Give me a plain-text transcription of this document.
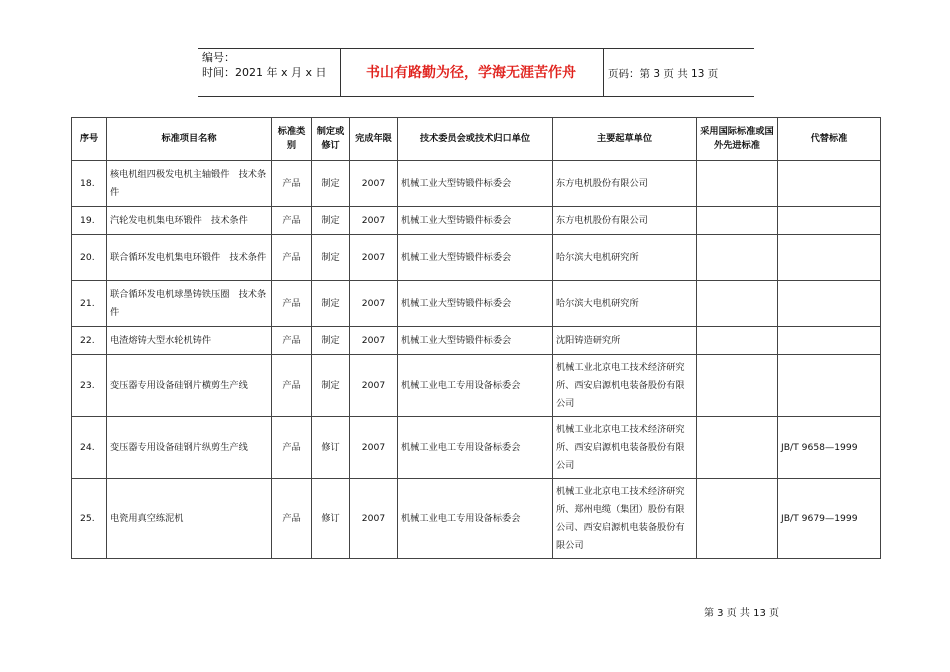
编号：
时间：2021 年 x 月 x 日	书山有路勤为径，学海无涯苦作舟	页码：第 3 页 共 13 页
序号	标准项目名称	标准类别	制定或修订	完成年限	技术委员会或技术归口单位	主要起草单位	采用国际标准或国外先进标准	代替标准
18.	核电机组四极发电机主轴锻件　技术条件	产品	制定	2007	机械工业大型铸锻件标委会	东方电机股份有限公司		
19.	汽轮发电机集电环锻件　技术条件	产品	制定	2007	机械工业大型铸锻件标委会	东方电机股份有限公司		
20.	联合循环发电机集电环锻件　技术条件	产品	制定	2007	机械工业大型铸锻件标委会	哈尔滨大电机研究所		
21.	联合循环发电机球墨铸铁压圈　技术条件	产品	制定	2007	机械工业大型铸锻件标委会	哈尔滨大电机研究所		
22.	电渣熔铸大型水轮机铸件	产品	制定	2007	机械工业大型铸锻件标委会	沈阳铸造研究所		
23.	变压器专用设备硅钢片横剪生产线	产品	制定	2007	机械工业电工专用设备标委会	机械工业北京电工技术经济研究所、西安启源机电装备股份有限公司		
24.	变压器专用设备硅钢片纵剪生产线	产品	修订	2007	机械工业电工专用设备标委会	机械工业北京电工技术经济研究所、西安启源机电装备股份有限公司		JB/T 9658—1999
25.	电瓷用真空练泥机	产品	修订	2007	机械工业电工专用设备标委会	机械工业北京电工技术经济研究所、郑州电缆（集团）股份有限公司、西安启源机电装备股份有限公司		JB/T 9679—1999
第 3 页 共 13 页
